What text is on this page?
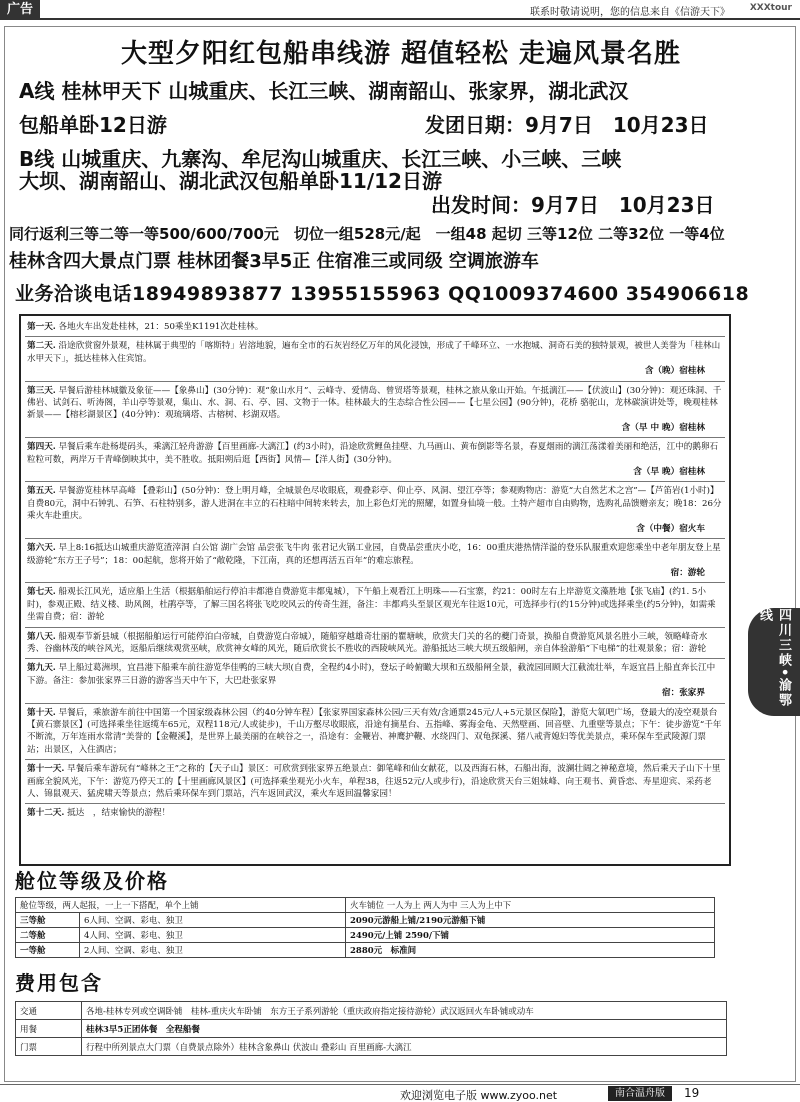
广告	联系时敬请说明，您的信息来自《信游天下》 XXXtour
大型夕阳红包船串线游 超值轻松 走遍风景名胜
A线 桂林甲天下 山城重庆、长江三峡、湖南韶山、张家界，湖北武汉
包船单卧12日游	发团日期：9月7日　10月23日
B线 山城重庆、九寨沟、牟尼沟山城重庆、长江三峡、小三峡、三峡
大坝、湖南韶山、湖北武汉包船单卧11/12日游
出发时间：9月7日　10月23日
同行返利三等二等一等500/600/700元　切位一组528元/起　一组48 起切 三等12位 二等32位 一等4位
桂林含四大景点门票 桂林团餐3早5正 住宿准三或同级 空调旅游车
业务洽谈电话18949893877 13955155963 QQ1009374600 354906618
第一天. 各地火车出发赴桂林，21：50乘坐K1191次赴桂林。
第二天. 沿途欣赏窗外景观，桂林属于典型的「喀斯特」岩溶地貌，遍布全市的石灰岩经亿万年的风化浸蚀，形成了千峰环立、一水抱城、洞奇石美的独特景观，被世人美誉为「桂林山水甲天下」，抵达桂林入住宾馆。
含（晚）宿桂林
第三天. 早餐后游桂林城徽及象征——【象鼻山】(30分钟)：观“象山水月”、云峰寺、爱情岛、曾贸塔等景观，桂林之旅从象山开始。午抵漓江——【伏波山】(30分钟)：观还珠洞、千佛岩、试剑石、听涛阁，羊山亭等景观，集山、水、洞、石、亭、园、文物于一体。桂林最大的生态综合性公园——【七星公园】(90分钟)，花桥 骆驼山，龙林碳演讲处等，晚观桂林新景——【榕杉湖景区】(40分钟)：观琉璃塔、古榕树、杉湖双塔。
含（早 中 晚）宿桂林
第四天. 早餐后乘车赴杨堤码头，乘漓江轻舟游游【百里画廊-大漓江】(约3小时)，沿途欣赏鲤鱼挂壁、九马画山、黄布倒影等名景，春夏烟雨的漓江荡漾着美丽和绝活，江中的鹅卵石粒粒可数，两岸万千青峰倒映其中，美不胜收。抵阳朔后逛【西街】风情—【洋人街】(30分钟)。
含（早 晚）宿桂林
第五天. 早餐游览桂林早高峰 【叠彩山】(50分钟)：登上明月峰，全城景色尽收眼底，观叠彩亭、仰止亭、风洞、望江亭等；参观购物店：游览“大自然艺术之宫”—【芦笛岩(1小时)】自费80元，洞中石钟乳、石笋、石柱特别多，游人进洞在丰立的石柱暗中间转来转去，加上彩色灯光的照耀，如置身仙境一般。土特产超市自由购物，选购礼品馈赠亲友；晚18：26分乘火车赴重庆。
含（中餐）宿火车
第六天. 早上8:16抵达山城重庆游览渣滓洞 白公馆 湖广会馆 品尝张飞牛肉 张君记火锅工业园，自费品尝重庆小吃，16：00重庆港热情洋溢的登乐队服重欢迎您乘坐中老年朋友登上星级游轮“东方王子号”；18：00起航，您将开始了“敞乾隆，下江南，真的还想再活五百年”的难忘旅程。
宿：游轮
第七天. 船观长江风光，适应船上生活（根据船舶运行停泊丰都港自费游览丰都鬼城），下午船上观看江上明珠——石宝寨，约21：00时左右上岸游览文藻胜地【张飞庙】(约1. 5小时)，参观正殿、结义楼、助风阁，杜鹃亭等，了解三国名将张飞吃咬风云的传奇生涯，备注：丰都鸡头至景区观光车往返10元，可选择步行(约15分钟)或选择乘坐(约5分钟)，如需乘坐需自费；宿：游轮
第八天. 船观奉节新县城（根据船舶运行可能停泊白帝城，自费游览白帝城），随船穿越雄奇壮丽的瞿塘峡，欣赏夫门关的名的夔门奇景，换船自费游览风景名胜小三峡，领略峰奇水秀、谷幽林茂的峡谷风光，返船后继续观赏巫峡，欣赏神女峰的风光，随后欣赏长不胜收的西陵峡风光。游船抵达三峡大坝五级船闸，亲自体验游船“下电梯”的壮观景象；宿：游轮
第九天. 早上船过葛洲坝，宜昌港下船乘车前往游览华佳鸭的三峡大坝(自费，全程约4小时)，登坛子岭俯瞰大坝和五级船闸全景，截流园回顾大江截流壮举，车返宜昌上船直奔长江中下游。备注：参加张家界三日游的游客当天中午下，大巴赴张家界
宿：张家界
第十天. 早餐后，乘旅游车前往中国第一个国家级森林公园（约40分钟车程）【张家界国家森林公园/三天有效/含通票245元/人+5元景区保险】，游览大氧吧广场，登最大的凌空观景台【黄石寨景区】(可选择乘坐往返缆车65元，双程118元/人或徒步)，千山万壑尽收眼底，沿途有摘星台、五指峰、雾海金龟、天然壁画、回音壁、九重壁等景点；下午：徒步游览“千年不断流，万年连雨水常清”美誉的【金鞭溪】，是世界上最美丽的在峡谷之一，沿途有：金鞭岩、神鹰护鞭、水绕四门、双龟探溪、猪八戒背媳妇等优美景点，乘环保车至武陵源门票站；出景区，入住酒店；
第十一天. 早餐后乘车游玩有“峰林之王”之称的【天子山】景区：可欣赏到张家界五绝景点：御笔峰和仙女献花，以及西海石林，石船出海，波澜壮阔之神秘意境，然后乘天子山下十里画廊全貌风光，下午：游览乃停天工的【十里画廊风景区】(可选择乘坐观光小火车，单程38，往返52元/人或步行)，沿途欣赏天台三姐妹峰、向王观书、黄昏恋、寿星迎宾、采药老人、锦鼠观天、猛虎啸天等景点；然后乘环保车到门票站，汽车返回武汉，乘火车返回温馨家园！
第十二天. 抵达　，结束愉快的游程！
舱位等级及价格
舱位等级，两人起报，一上一下搭配，单个上铺		火车铺位 一人为上 两人为中 三人为上中下
三等舱	6人间、空调、彩电、独卫	2090元游船上铺/2190元游船下铺
二等舱	4人间、空调、彩电、独卫	2490元/上铺 2590/下铺
一等舱	2人间、空调、彩电、独卫	2880元　标准间
费用包含
交通	各地-桂林专列或空调卧铺　桂林-重庆火车卧铺　东方王子系列游轮（重庆政府指定接待游轮）武汉返回火车卧铺或动车
用餐	桂林3早5正团体餐　全程船餐
门票	行程中所列景点大门票（自费景点除外）桂林含象鼻山 伏波山 叠彩山 百里画廊-大漓江
四川三峡•渝鄂线
欢迎浏览电子版 www.zyoo.net	南合温舟版	19
